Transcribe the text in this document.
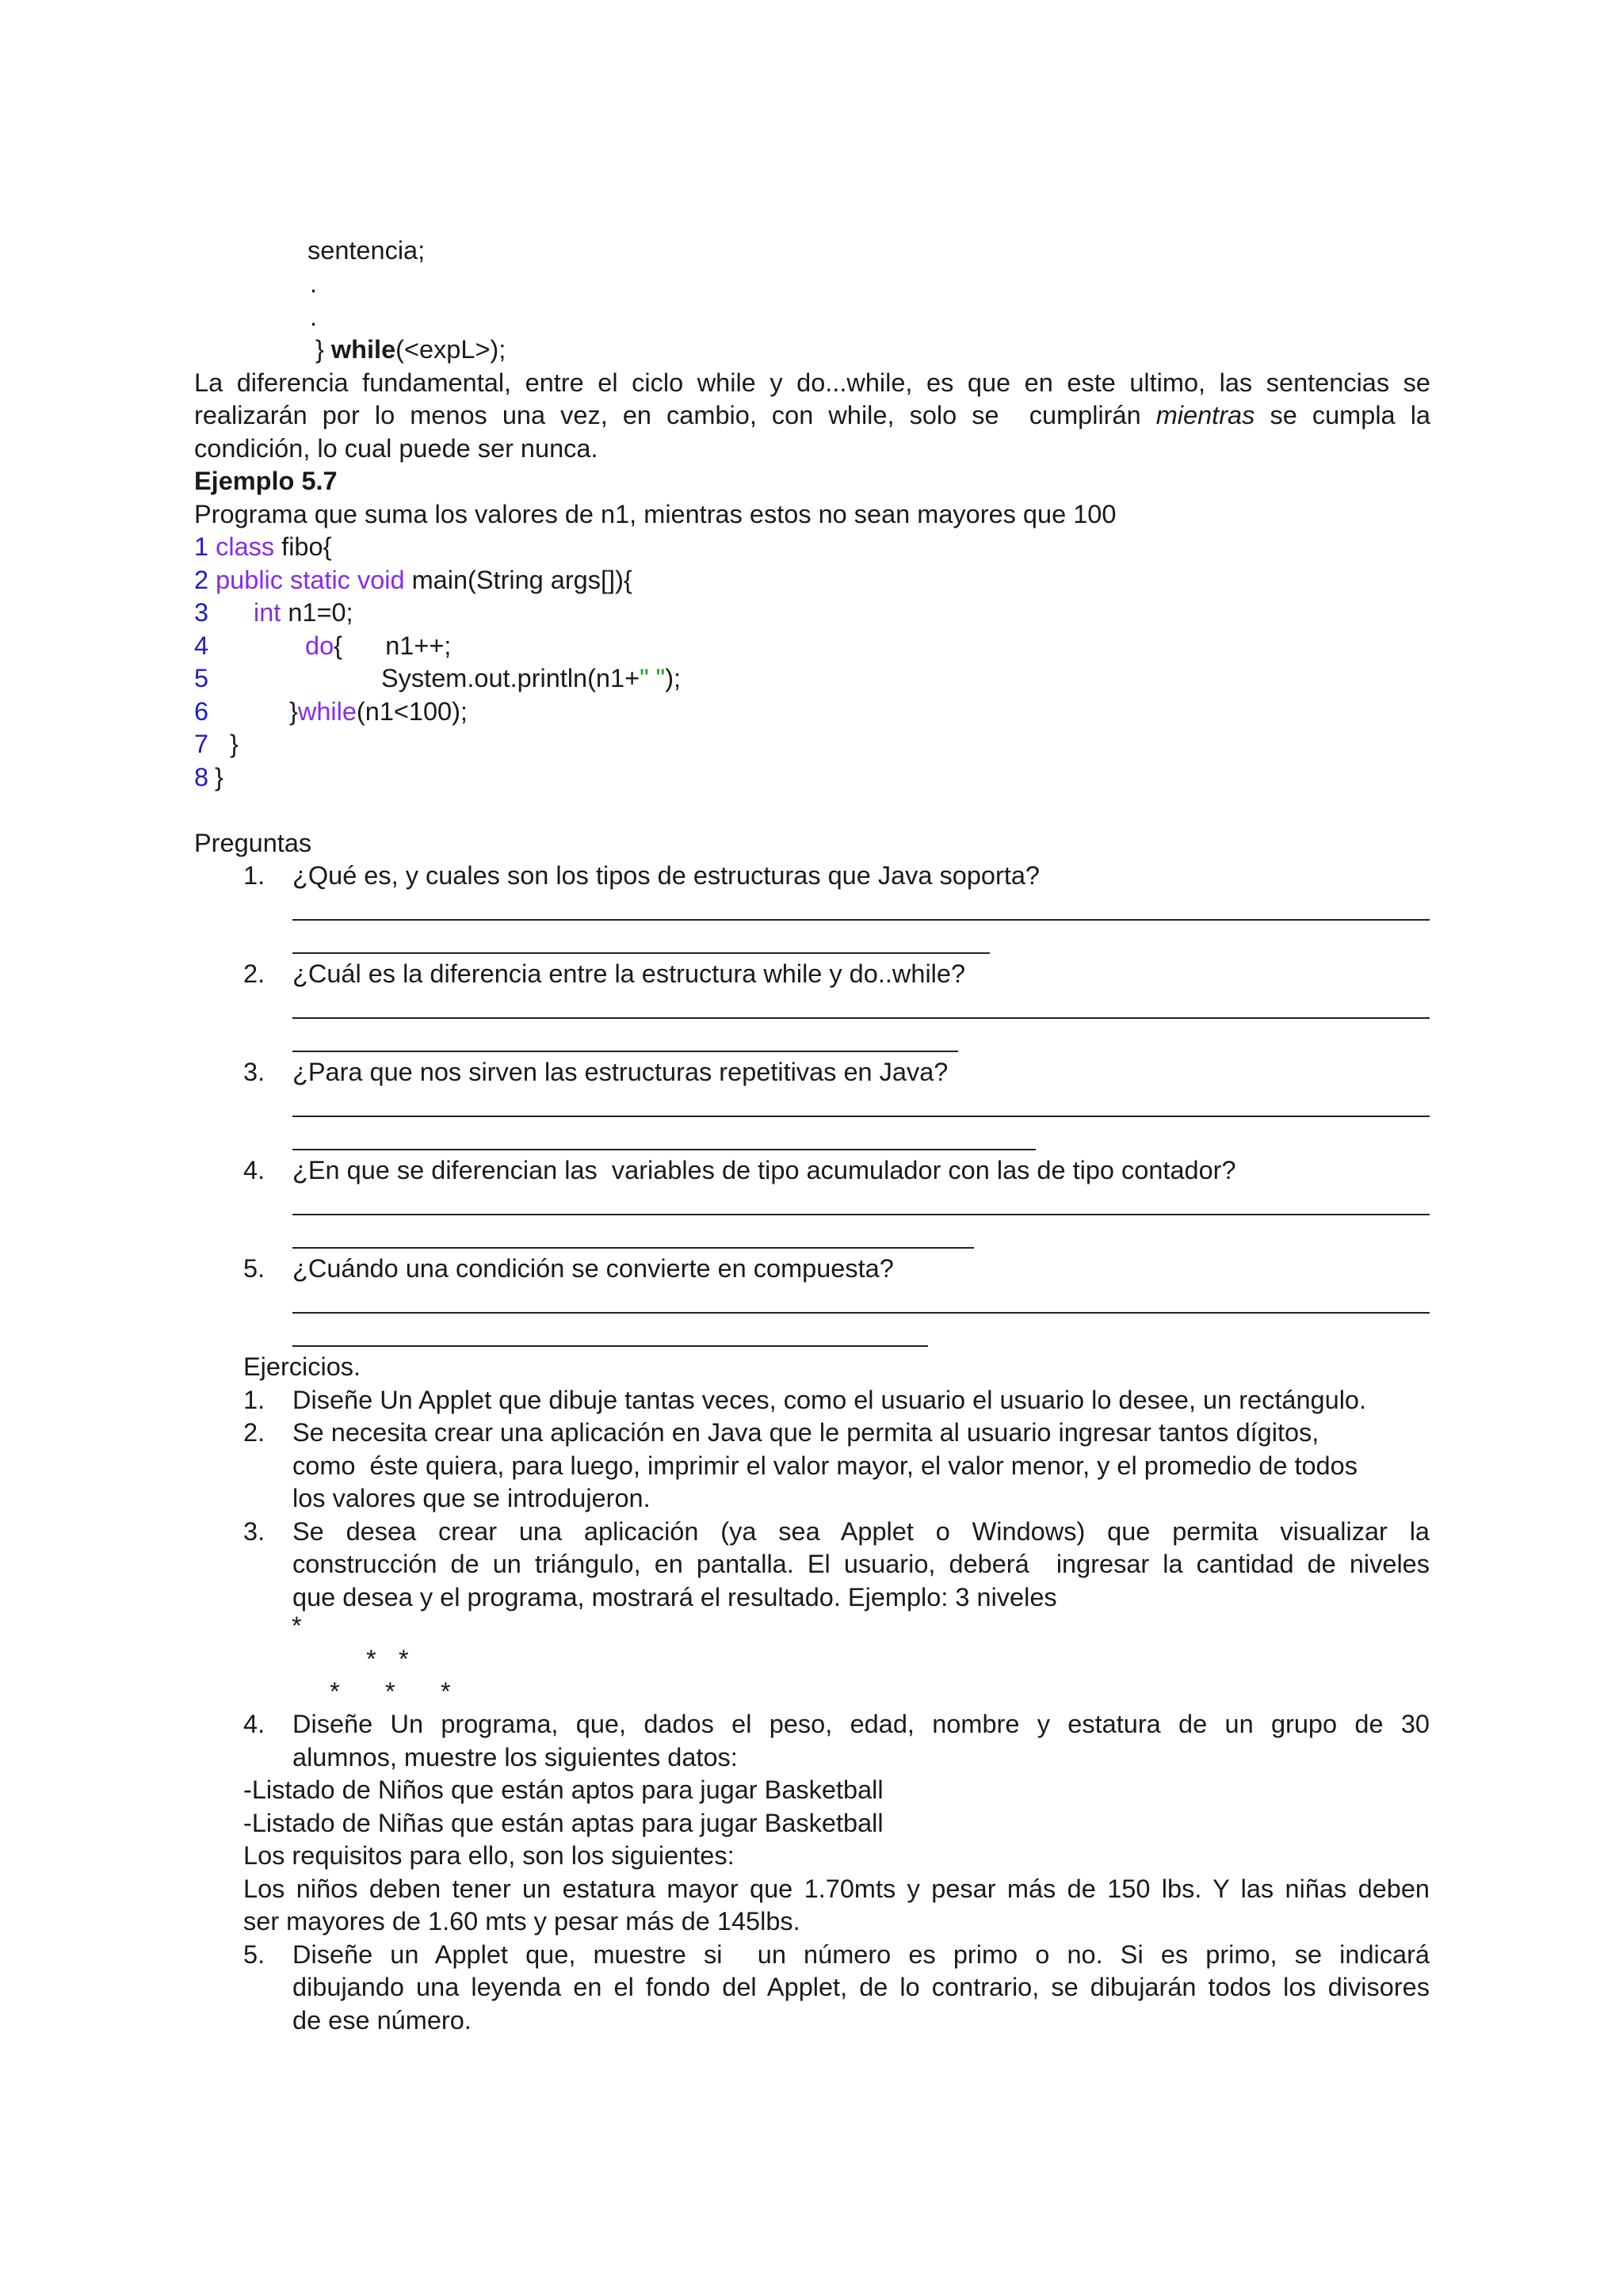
sentencia;
.
.
} while(<expL>);
La diferencia fundamental, entre el ciclo while y do...while, es que en este ultimo, las sentencias se
realizarán por lo menos una vez, en cambio, con while, solo se  cumplirán mientras se cumpla la
condición, lo cual puede ser nunca.
Ejemplo 5.7
Programa que suma los valores de n1, mientras estos no sean mayores que 100
1 class fibo{
2 public static void main(String args[]){
3 int n1=0;
4	do{      n1++;
5	System.out.println(n1+" ");
6	}while(n1<100);
7 }
8 }
Preguntas
1. ¿Qué es, y cuales son los tipos de estructuras que Java soporta?
2. ¿Cuál es la diferencia entre la estructura while y do..while?
3. ¿Para que nos sirven las estructuras repetitivas en Java?
4. ¿En que se diferencian las  variables de tipo acumulador con las de tipo contador?
5. ¿Cuándo una condición se convierte en compuesta?
Ejercicios.
1. Diseñe Un Applet que dibuje tantas veces, como el usuario el usuario lo desee, un rectángulo.
2. Se necesita crear una aplicación en Java que le permita al usuario ingresar tantos dígitos,
como  éste quiera, para luego, imprimir el valor mayor, el valor menor, y el promedio de todos
los valores que se introdujeron.
3. Se desea crear una aplicación (ya sea Applet o Windows) que permita visualizar la
construcción de un triángulo, en pantalla. El usuario, deberá  ingresar la cantidad de niveles
que desea y el programa, mostrará el resultado. Ejemplo: 3 niveles
*
* *
* * *
4. Diseñe Un programa, que, dados el peso, edad, nombre y estatura de un grupo de 30
alumnos, muestre los siguientes datos:
-Listado de Niños que están aptos para jugar Basketball
-Listado de Niñas que están aptas para jugar Basketball
Los requisitos para ello, son los siguientes:
Los niños deben tener un estatura mayor que 1.70mts y pesar más de 150 lbs. Y las niñas deben
ser mayores de 1.60 mts y pesar más de 145lbs.
5. Diseñe un Applet que, muestre si  un número es primo o no. Si es primo, se indicará
dibujando una leyenda en el fondo del Applet, de lo contrario, se dibujarán todos los divisores
de ese número.
